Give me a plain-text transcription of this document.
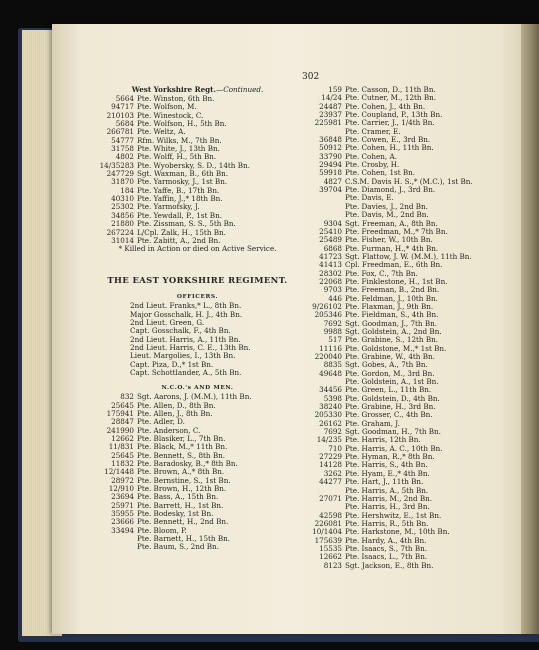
302
West Yorkshire Regt.—Continued.
5664 Pte. Winston, 6th Bn.
94717 Pte. Wolfson, M.
210103 Pte. Winestock, C.
5684 Pte. Wolfson, H., 5th Bn.
266781 Pte. Weltz, A.
54777 Rfm. Wilks, M., 7th Bn.
31758 Pte. White, J., 13th Bn.
4802 Pte. Wolff, H., 5th Bn.
14/35283 Pte. Wyobersky, S. D., 14th Bn.
247729 Sgt. Waxman, B., 6th Bn.
31870 Pte. Yarmosky, J., 1st Bn.
184 Pte. Yaffe, B., 17th Bn.
40310 Pte. Yaffin, J.,* 18th Bn.
25302 Pte. Yarmofsky, J.
34856 Pte. Yewdall, P., 1st Bn.
21880 Pte. Zissman, S. S., 5th Bn.
267224 L/Cpl. Zalk, H., 15th Bn.
31014 Pte. Zabitt, A., 2nd Bn.
* Killed in Action or died on Active Service.
THE EAST YORKSHIRE REGIMENT.
OFFICERS.
2nd Lieut. Franks,* L., 8th Bn.
Major Gosschalk, H. J., 4th Bn.
2nd Lieut. Green, G.
Capt. Gosschalk, F., 4th Bn.
2nd Lieut. Harris, A., 11th Bn.
2nd Lieut. Harris, C. E., 13th Bn.
Lieut. Margolies, I., 13th Bn.
Capt. Piza, D.,* 1st Bn.
Capt. Schottlander, A., 5th Bn.
N.C.O.'s AND MEN.
832 Sgt. Aarons, J. (M.M.), 11th Bn.
25645 Pte. Allen, D., 8th Bn.
175941 Pte. Allen, J., 8th Bn.
28847 Pte. Adler, D.
241990 Pte. Anderson, C.
12662 Pte. Blasiker, L., 7th Bn.
11/831 Pte. Black, M.,* 11th Bn.
25645 Pte. Bennett, S., 8th Bn.
11832 Pte. Baradosky, B.,* 8th Bn.
12/1448 Pte. Brown, A.,* 8th Bn.
28972 Pte. Bernstine, S., 1st Bn.
12/910 Pte. Brown, H., 12th Bn.
23694 Pte. Bass, A., 15th Bn.
25971 Pte. Barrett, H., 1st Bn.
35955 Pte. Bodesky, 1st Bn.
23666 Pte. Bennett, H., 2nd Bn.
33494 Pte. Bloom, P.
Pte. Barnett, H., 15th Bn.
Pte. Baum, S., 2nd Bn.
159 Pte. Casson, D., 11th Bn.
14/24 Pte. Cutner, M., 12th Bn.
24487 Pte. Cohen, J., 4th Bn.
23937 Pte. Coupland, P., 13th Bn.
225981 Pte. Carrier, J., 1/4th Bn.
Pte. Cramer, E.
36848 Pte. Cowen, E., 3rd Bn.
50912 Pte. Cohen, H., 11th Bn.
33790 Pte. Cohen, A.
29494 Pte. Crosby, H.
59918 Pte. Cohen, 1st Bn.
4827 C.S.M. Davis H. S.,* (M.C.), 1st Bn.
39704 Pte. Diamond, J., 3rd Bn.
Pte. Davis, E.
Pte. Davies, J., 2nd Bn.
Pte. Davis, M., 2nd Bn.
9304 Sgt. Freeman, A., 8th Bn.
25410 Pte. Freedman, M.,* 7th Bn.
25489 Pte. Fisher, W., 10th Bn.
6868 Pte. Furman, H.,* 4th Bn.
41723 Sgt. Flattow, J. W. (M.M.), 11th Bn.
41413 Cpl. Freedman, E., 6th Bn.
28302 Pte. Fox, C., 7th Bn.
22068 Pte. Finklestone, H., 1st Bn.
9703 Pte. Freeman, B., 2nd Bn.
446 Pte. Feldman, J., 10th Bn.
9/26102 Pte. Flaxman, J., 9th Bn.
205346 Pte. Fieldman, S., 4th Bn.
7692 Sgt. Goodman, J., 7th Bn.
9988 Sgt. Goldstein, A., 2nd Bn.
517 Pte. Grabine, S., 12th Bn.
11116 Pte. Goldstone, M.,* 1st Bn.
220040 Pte. Grabine, W., 4th Bn.
8835 Sgt. Gobes, A., 7th Bn.
49648 Pte. Gordon, M., 3rd Bn.
Pte. Goldstein, A., 1st Bn.
34456 Pte. Green, L., 11th Bn.
5398 Pte. Goldstein, D., 4th Bn.
38240 Pte. Grabine, H., 3rd Bn.
205330 Pte. Grosser, C., 4th Bn.
26162 Pte. Graham, J.
7692 Sgt. Goodman, H., 7th Bn.
14/235 Pte. Harris, 12th Bn.
710 Pte. Harris, A. C., 10th Bn.
27229 Pte. Hyman, R.,* 8th Bn.
14128 Pte. Harris, S., 4th Bn.
3262 Pte. Hyam, E.,* 4th Bn.
44277 Pte. Hart, J., 11th Bn.
Pte. Harris, A., 5th Bn.
27071 Pte. Harris, M., 2nd Bn.
Pte. Harris, H., 3rd Bn.
42598 Pte. Hershwitz, E., 1st Bn.
226081 Pte. Harris, R., 5th Bn.
10/1404 Pte. Harkstone, M., 10th Bn.
175639 Pte. Hardy, A., 4th Bn.
15535 Pte. Isaacs, S., 7th Bn.
12662 Pte. Isaacs, L., 7th Bn.
8123 Sgt. Jackson, E., 8th Bn.
